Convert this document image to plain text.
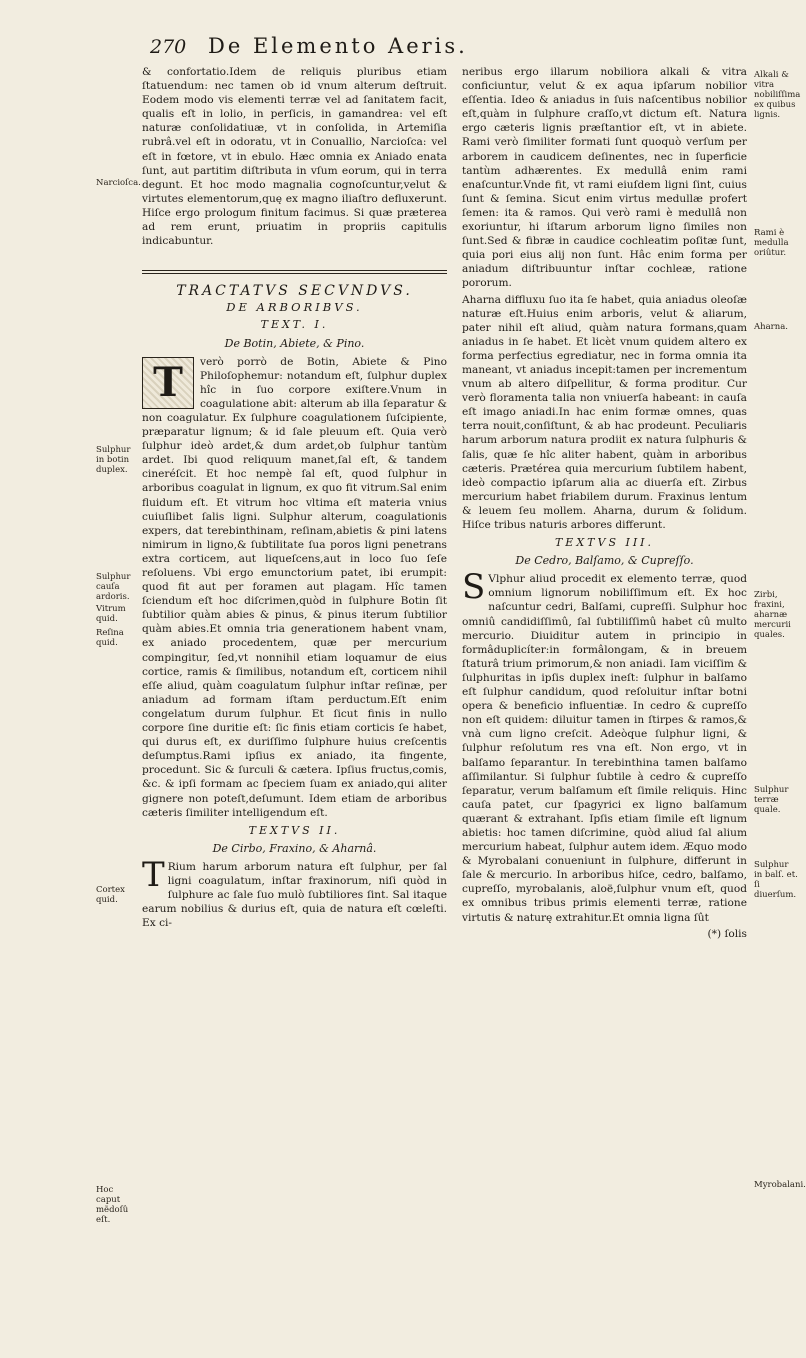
270 De Elemento Aeris.

& confortatio.Idem de reliquis pluribus etiam ſtatuendum: nec tamen ob id vnum alterum deſtruit. Eodem modo vis elementi terræ vel ad ſanitatem facit, qualis eſt in lolio, in perſicis, in gamandrea: vel eſt naturæ conſolidatiuæ, vt in conſolida, in Artemiſia rubrâ.vel eſt in odoratu, vt in Conuallio, Narcioſca: vel eſt in fœtore, vt in ebulo. Hæc omnia ex Aniado enata ſunt, aut partitim diſtributa in vſum eorum, qui in terra degunt. Et hoc modo magnalia cognoſcuntur,velut & virtutes elementorum,quę ex magno iliaſtro defluxerunt. Hiſce ergo prologum finitum facimus. Si quæ præterea ad rem erunt, priuatim in propriis capitulis indicabuntur.

TRACTATVS SECVNDVS.
DE ARBORIBVS.
TEXT. I.
De Botin, Abiete, & Pino.

T	verò porrò de Botin, Abiete & Pino Philoſophemur: notandum eſt, ſulphur duplex hîc in ſuo corpore exiſtere.Vnum in coagulatione abit: alterum ab illa ſeparatur & non coagulatur. Ex ſulphure coagulationem ſuſcipiente, præparatur lignum; & id ſale pleuum eſt. Quia verò ſulphur ideò ardet,& dum ardet,ob ſulphur tantùm ardet. Ibi quod reliquum manet,ſal eſt, & tandem cineréſcit. Et hoc nempè ſal eſt, quod ſulphur in arboribus coagulat in lignum, ex quo fit vitrum.Sal enim fluidum eſt. Et vitrum hoc vltima eſt materia vnius cuiuſlibet ſalis ligni. Sulphur alterum, coagulationis expers, dat terebinthinam, reſinam,abietis & pini latens nimirum in ligno,& ſubtilitate ſua poros ligni penetrans extra corticem, aut liqueſcens,aut in loco ſuo ſeſe reſoluens. Vbi ergo emunctorium patet, ibi erumpit: quod fit aut per foramen aut plagam. Hîc tamen ſciendum eſt hoc diſcrimen,quòd in ſulphure Botin ſit ſubtilior quàm abies & pinus, & pinus iterum ſubtilior quàm abies.Et omnia tria generationem habent vnam, ex aniado procedentem, quæ per mercurium compingitur, ſed,vt nonnihil etiam loquamur de eius cortice, ramis & ſimilibus, notandum eſt, corticem nihil eſſe aliud, quàm coagulatum ſulphur inſtar reſinæ, per aniadum ad formam iſtam perductum.Eſt enim congelatum durum ſulphur. Et ſicut finis in nullo corpore ſine duritie eſt: ſic finis etiam corticis ſe habet, qui durus eſt, ex duriſſimo ſulphure huius creſcentis deſumptus.Rami ipſius ex aniado, ita fingente, procedunt. Sic & ſurculi & cætera. Ipſius fructus,comis, &c. & ipſi formam ac ſpeciem ſuam ex aniado,qui aliter gignere non poteſt,deſumunt. Idem etiam de arboribus cæteris ſimiliter intelligendum eſt.

TEXTVS II.
De Cirbo, Fraxino, & Aharnâ.

T Rium harum arborum natura eſt ſulphur, per ſal ligni coagulatum, inſtar fraxinorum, niſi quòd in ſulphure ac ſale ſuo mulò ſubtiliores ſint. Sal itaque earum nobilius & durius eſt, quia de natura eſt cœleſti. Ex ci-

neribus ergo illarum nobiliora alkali & vitra conficiuntur, velut & ex aqua ipſarum nobilior eſſentia. Ideo & aniadus in ſuis naſcentibus nobilior eſt,quàm in ſulphure craſſo,vt dictum eſt. Natura ergo cæteris lignis præſtantior eſt, vt in abiete. Rami verò ſimiliter formati ſunt quoquò verſum per arborem in caudicem deſinentes, nec in ſuperficie tantùm adhærentes. Ex medullâ enim rami enaſcuntur.Vnde fit, vt rami eiuſdem ligni ſint, cuius ſunt & ſemina. Sicut enim virtus medullæ profert ſemen: ita & ramos. Qui verò rami è medullâ non exoriuntur, hi iſtarum arborum ligno ſimiles non ſunt.Sed & fibræ in caudice cochleatim poſitæ ſunt, quia pori eius alij non ſunt. Hâc enim forma per aniadum diſtribuuntur inſtar cochleæ, ratione pororum.

Aharna diffluxu ſuo ita ſe habet, quia aniadus oleoſæ naturæ eſt.Huius enim arboris, velut & aliarum, pater nihil eſt aliud, quàm natura formans,quam aniadus in ſe habet. Et licèt vnum quidem altero ex forma perfectius egrediatur, nec in forma omnia ita maneant, vt aniadus incepit:tamen per incrementum vnum ab altero diſpellitur, & forma proditur. Cur verò floramenta talia non vniuerſa habeant: in cauſa eſt imago aniadi.In hac enim formæ omnes, quas terra nouit,conſiſtunt, & ab hac prodeunt. Peculiaris harum arborum natura prodiit ex natura ſulphuris & ſalis, quæ ſe hîc aliter habent, quàm in arboribus cæteris. Prætérea quia mercurium ſubtilem habent, ideò compactio ipſarum alia ac diuerſa eſt. Zirbus mercurium habet friabilem durum. Fraxinus lentum & leuem ſeu mollem. Aharna, durum & ſolidum. Hiſce tribus naturis arbores differunt.

TEXTVS III.
De Cedro, Balſamo, & Cupreſſo.

S Vlphur aliud procedit ex elemento terræ, quod omnium lignorum nobiliſſimum eſt. Ex hoc naſcuntur cedri, Balſami, cupreſſi. Sulphur hoc omniû candidiſſimû, ſal ſubtiliſſimû habet cû multo mercurio. Diuiditur autem in principio in formâduplicíter:in formâlongam, & in breuem ſtaturâ trium primorum,& non aniadi. Iam viciſſim & ſulphuritas in ipſis duplex ineſt: ſulphur in balſamo eſt ſulphur candidum, quod reſoluitur inſtar botni opera & beneficio influentiæ. In cedro & cupreſſo non eſt quidem: diluitur tamen in ſtirpes & ramos,& vnà cum ligno creſcit. Adeòque ſulphur ligni, & ſulphur reſolutum res vna eſt. Non ergo, vt in balſamo ſeparantur. In terebinthina tamen balſamo aſſimilantur. Si ſulphur ſubtile à cedro & cupreſſo ſeparatur, verum balſamum eſt ſimile reliquis. Hinc cauſa patet, cur ſpagyrici ex ligno balſamum quærant & extrahant. Ipſis etiam ſimile eſt lignum abietis: hoc tamen diſcrimine, quòd aliud ſal alium mercurium habeat, ſulphur autem idem. Æquo modo & Myrobalani conueniunt in ſulphure, differunt in ſale & mercurio. In arboribus hiſce, cedro, balſamo, cupreſſo, myrobalanis, aloë,ſulphur vnum eſt, quod ex omnibus tribus primis elementi terræ, ratione virtutis & naturę extrahitur.Et omnia ligna ſût

(*) ſolis
Narcioſca.
Sulphur in botin duplex.
Sulphur cauſa ardoris.
Vitrum quid.
Reſina quid.
Cortex quid.
Hoc caput mẽdoſû eſt.
Alkali & vitra nobiliſſima ex quibus lignis.
Rami è medulla oriûtur.
Aharna.
Zirbi, fraxini, aharnæ mercurii quales.
Sulphur terræ quale.
Sulphur in balſ. et. ſi diuerſum.
Myrobalani.
